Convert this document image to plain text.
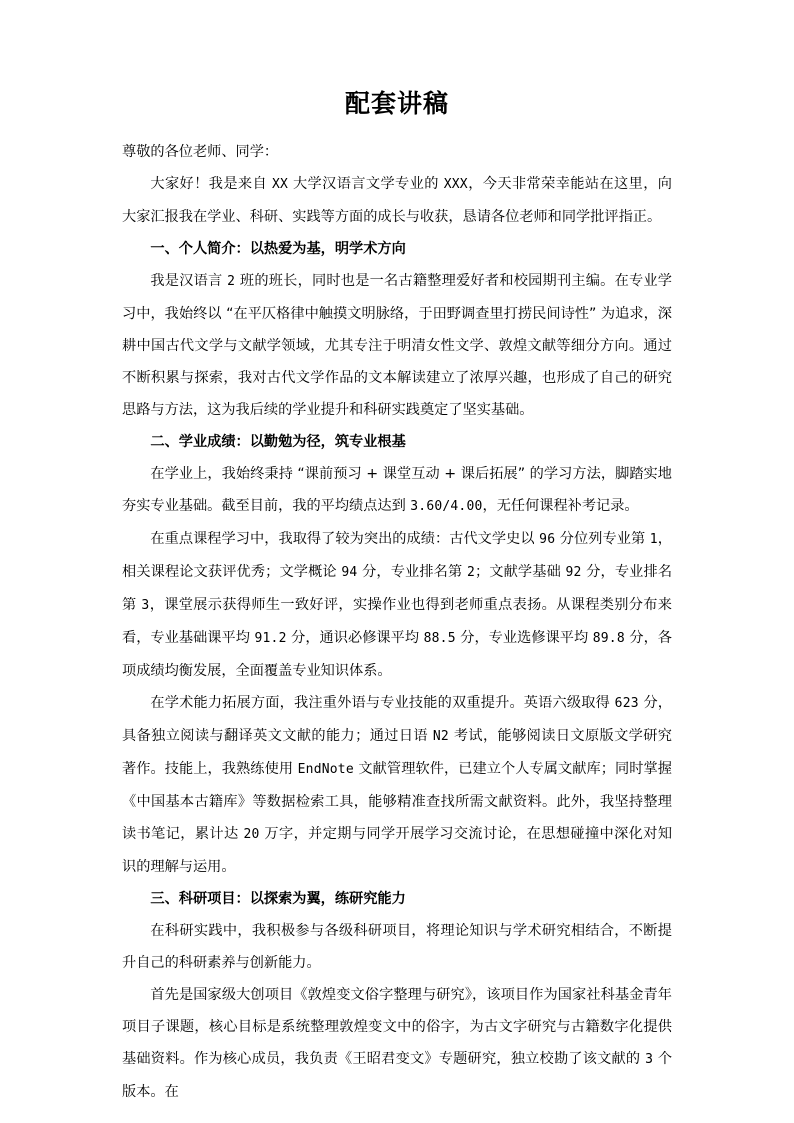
配套讲稿

尊敬的各位老师、同学：

大家好！我是来自 XX 大学汉语言文学专业的 XXX，今天非常荣幸能站在这里，向大家汇报我在学业、科研、实践等方面的成长与收获，恳请各位老师和同学批评指正。

一、个人简介：以热爱为基，明学术方向

我是汉语言 2 班的班长，同时也是一名古籍整理爱好者和校园期刊主编。在专业学习中，我始终以 “在平仄格律中触摸文明脉络，于田野调查里打捞民间诗性” 为追求，深耕中国古代文学与文献学领域，尤其专注于明清女性文学、敦煌文献等细分方向。通过不断积累与探索，我对古代文学作品的文本解读建立了浓厚兴趣，也形成了自己的研究思路与方法，这为我后续的学业提升和科研实践奠定了坚实基础。

二、学业成绩：以勤勉为径，筑专业根基

在学业上，我始终秉持 “课前预习 + 课堂互动 + 课后拓展” 的学习方法，脚踏实地夯实专业基础。截至目前，我的平均绩点达到 3.60/4.00，无任何课程补考记录。

在重点课程学习中，我取得了较为突出的成绩：古代文学史以 96 分位列专业第 1，相关课程论文获评优秀；文学概论 94 分，专业排名第 2；文献学基础 92 分，专业排名第 3，课堂展示获得师生一致好评，实操作业也得到老师重点表扬。从课程类别分布来看，专业基础课平均 91.2 分，通识必修课平均 88.5 分，专业选修课平均 89.8 分，各项成绩均衡发展，全面覆盖专业知识体系。

在学术能力拓展方面，我注重外语与专业技能的双重提升。英语六级取得 623 分，具备独立阅读与翻译英文文献的能力；通过日语 N2 考试，能够阅读日文原版文学研究著作。技能上，我熟练使用 EndNote 文献管理软件，已建立个人专属文献库；同时掌握《中国基本古籍库》等数据检索工具，能够精准查找所需文献资料。此外，我坚持整理读书笔记，累计达 20 万字，并定期与同学开展学习交流讨论，在思想碰撞中深化对知识的理解与运用。

三、科研项目：以探索为翼，练研究能力

在科研实践中，我积极参与各级科研项目，将理论知识与学术研究相结合，不断提升自己的科研素养与创新能力。

首先是国家级大创项目《敦煌变文俗字整理与研究》，该项目作为国家社科基金青年项目子课题，核心目标是系统整理敦煌变文中的俗字，为古文字研究与古籍数字化提供基础资料。作为核心成员，我负责《王昭君变文》专题研究，独立校勘了该文献的 3 个版本。在
